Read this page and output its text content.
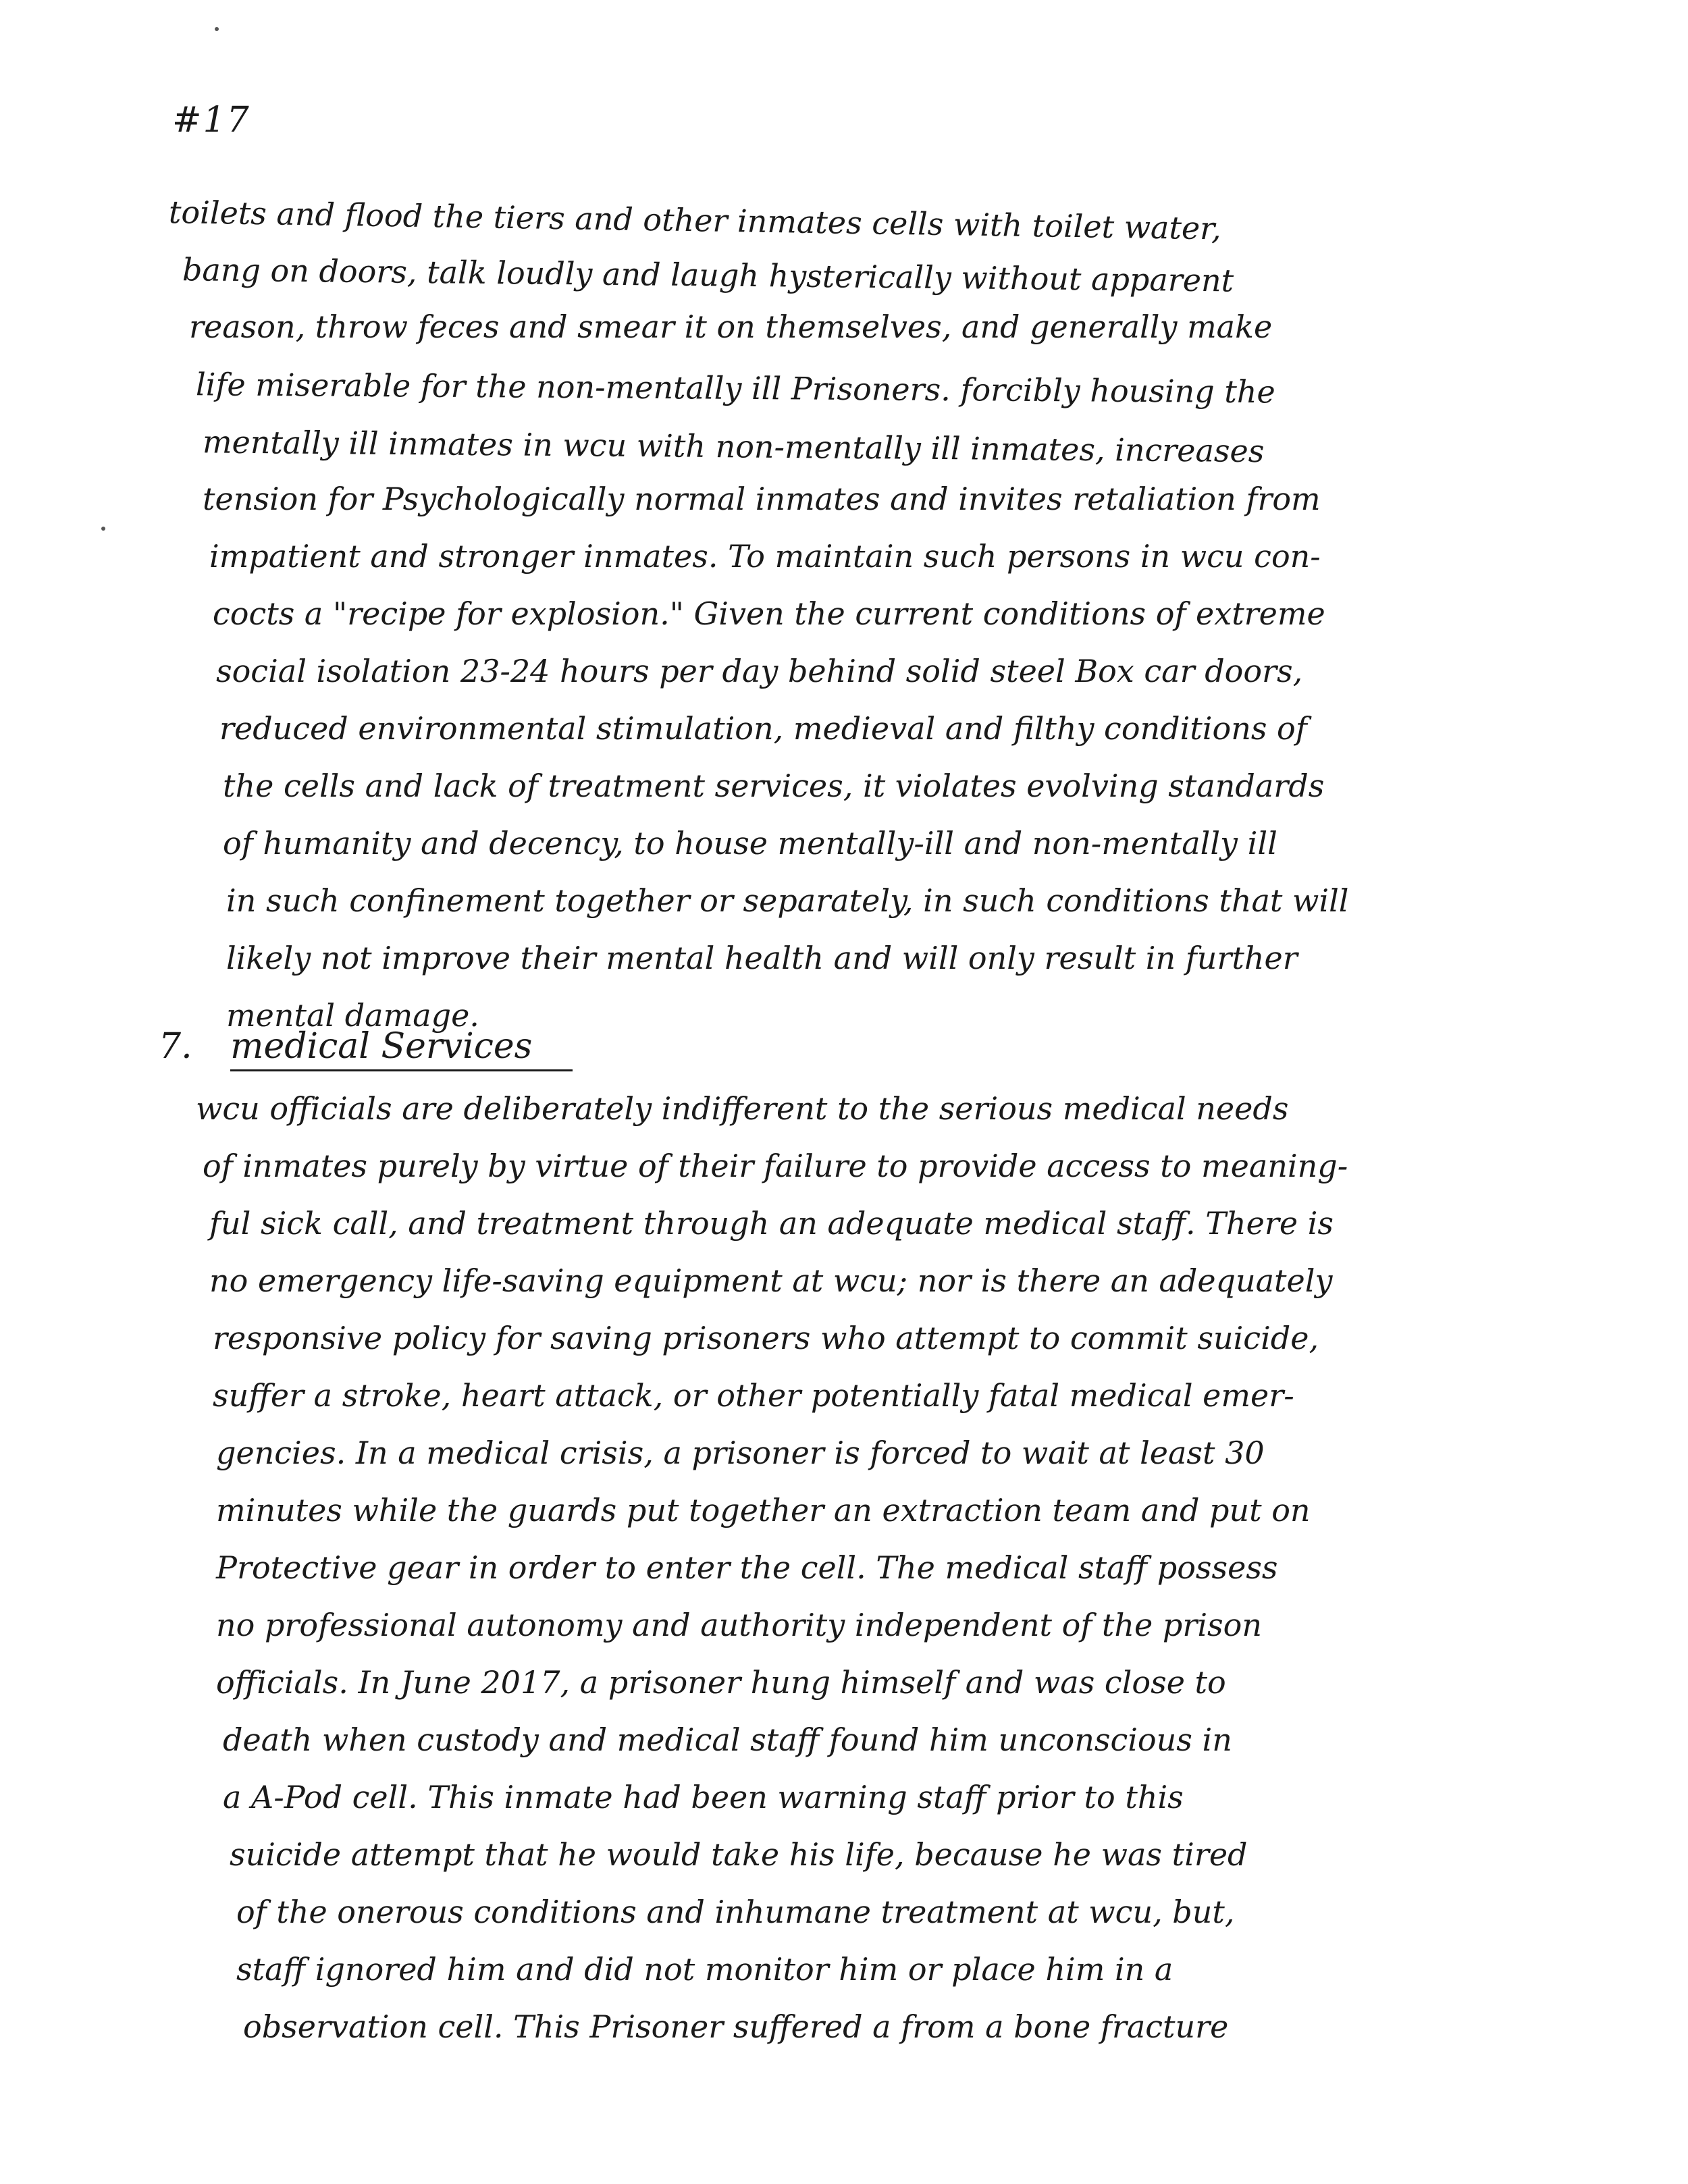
#17
toilets and flood the tiers and other inmates cells with toilet water,
bang on doors, talk loudly and laugh hysterically without apparent
reason, throw feces and smear it on themselves, and generally make
life miserable for the non-mentally ill Prisoners. forcibly housing the
mentally ill inmates in wcu with non-mentally ill inmates, increases
tension for Psychologically normal inmates and invites retaliation from
impatient and stronger inmates. To maintain such persons in wcu con-
cocts a "recipe for explosion." Given the current conditions of extreme
social isolation 23-24 hours per day behind solid steel Box car doors,
reduced environmental stimulation, medieval and filthy conditions of
the cells and lack of treatment services, it violates evolving standards
of humanity and decency, to house mentally-ill and non-mentally ill
in such confinement together or separately, in such conditions that will
likely not improve their mental health and will only result in further
mental damage.
7. medical Services
wcu officials are deliberately indifferent to the serious medical needs
of inmates purely by virtue of their failure to provide access to meaning-
ful sick call, and treatment through an adequate medical staff. There is
no emergency life-saving equipment at wcu; nor is there an adequately
responsive policy for saving prisoners who attempt to commit suicide,
suffer a stroke, heart attack, or other potentially fatal medical emer-
gencies. In a medical crisis, a prisoner is forced to wait at least 30
minutes while the guards put together an extraction team and put on
Protective gear in order to enter the cell. The medical staff possess
no professional autonomy and authority independent of the prison
officials. In June 2017, a prisoner hung himself and was close to
death when custody and medical staff found him unconscious in
a A-Pod cell. This inmate had been warning staff prior to this
suicide attempt that he would take his life, because he was tired
of the onerous conditions and inhumane treatment at wcu, but,
staff ignored him and did not monitor him or place him in a
observation cell. This Prisoner suffered a from a bone fracture
